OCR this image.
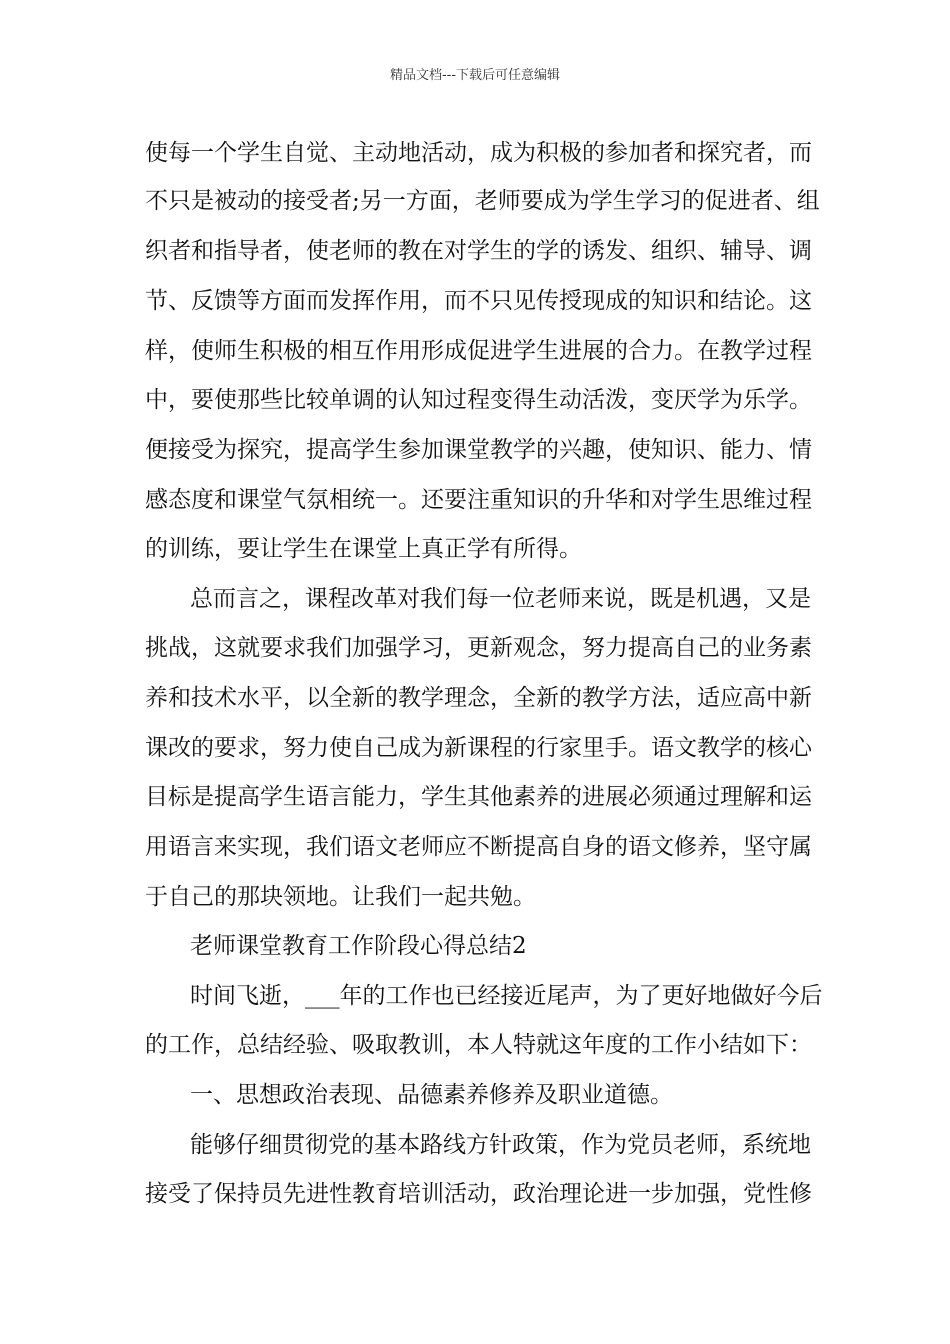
精品文档---下载后可任意编辑
使每一个学生自觉、主动地活动，成为积极的参加者和探究者，而
不只是被动的接受者;另一方面，老师要成为学生学习的促进者、组
织者和指导者，使老师的教在对学生的学的诱发、组织、辅导、调
节、反馈等方面而发挥作用，而不只见传授现成的知识和结论。这
样，使师生积极的相互作用形成促进学生进展的合力。在教学过程
中，要使那些比较单调的认知过程变得生动活泼，变厌学为乐学。
便接受为探究，提高学生参加课堂教学的兴趣，使知识、能力、情
感态度和课堂气氛相统一。还要注重知识的升华和对学生思维过程
的训练，要让学生在课堂上真正学有所得。
总而言之，课程改革对我们每一位老师来说，既是机遇，又是
挑战，这就要求我们加强学习，更新观念，努力提高自己的业务素
养和技术水平，以全新的教学理念，全新的教学方法，适应高中新
课改的要求，努力使自己成为新课程的行家里手。语文教学的核心
目标是提高学生语言能力，学生其他素养的进展必须通过理解和运
用语言来实现，我们语文老师应不断提高自身的语文修养，坚守属
于自己的那块领地。让我们一起共勉。
老师课堂教育工作阶段心得总结2
时间飞逝，___年的工作也已经接近尾声，为了更好地做好今后
的工作，总结经验、吸取教训，本人特就这年度的工作小结如下：
一、思想政治表现、品德素养修养及职业道德。
能够仔细贯彻党的基本路线方针政策，作为党员老师，系统地
接受了保持员先进性教育培训活动，政治理论进一步加强，党性修
